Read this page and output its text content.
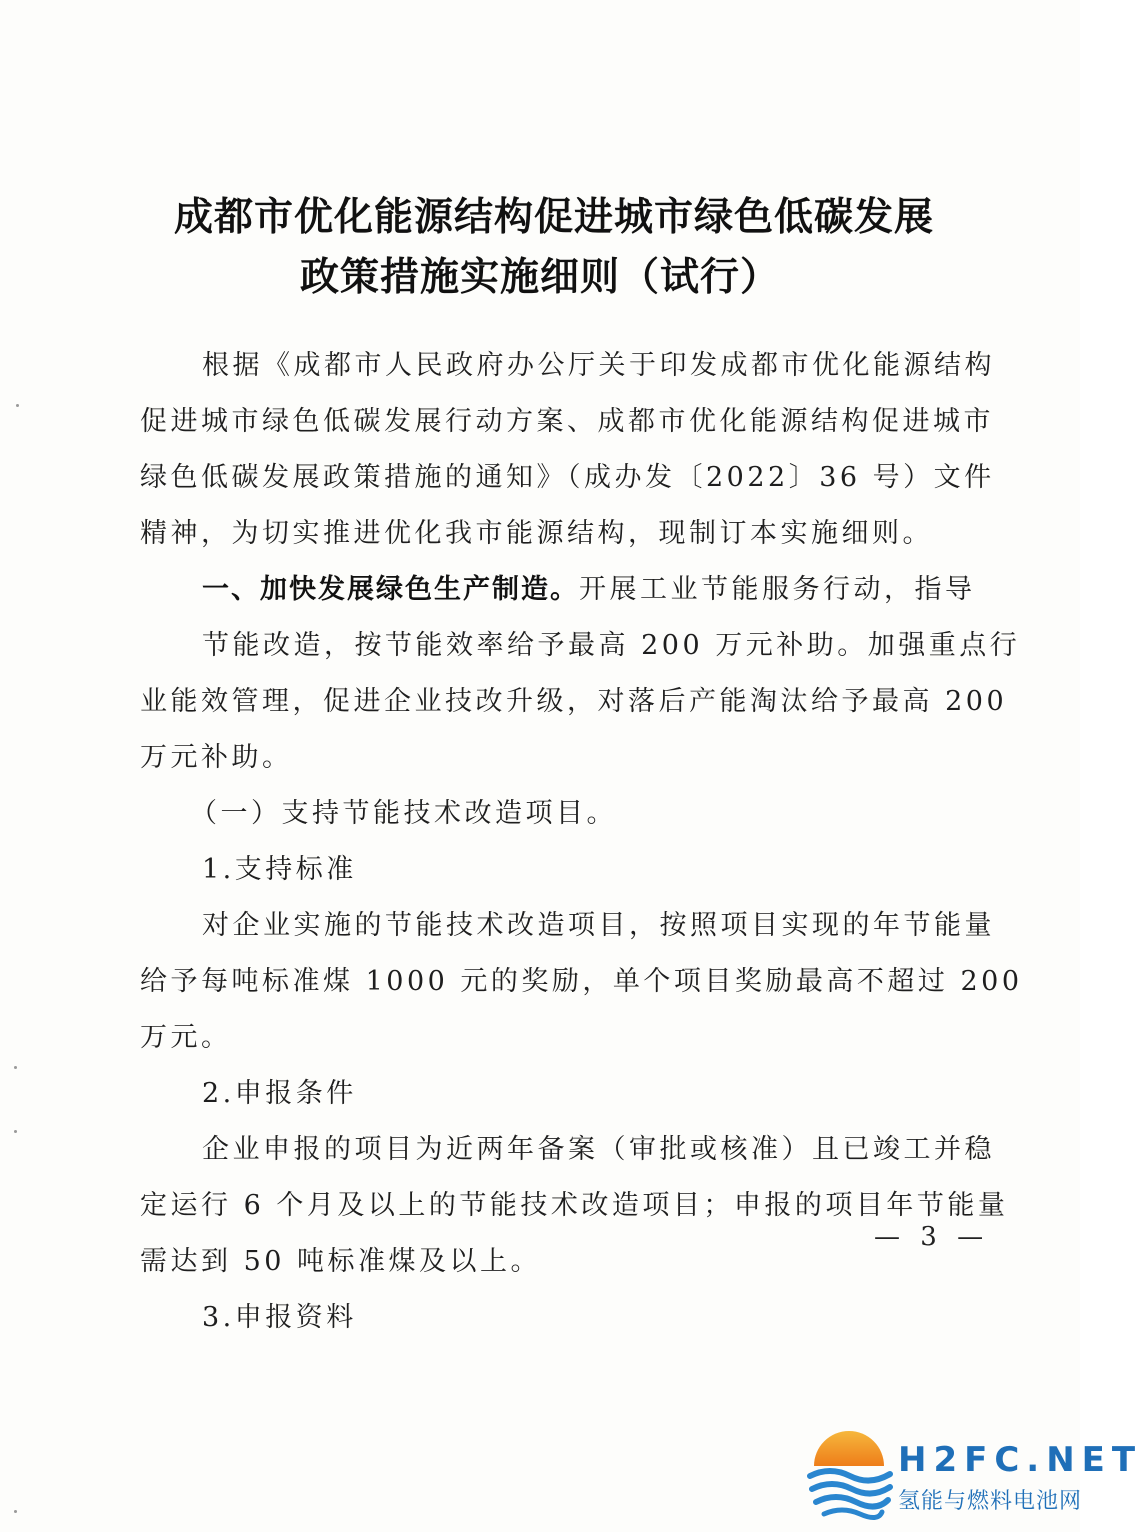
成都市优化能源结构促进城市绿色低碳发展
政策措施实施细则（试行）
根据《成都市人民政府办公厅关于印发成都市优化能源结构
促进城市绿色低碳发展行动方案、成都市优化能源结构促进城市
绿色低碳发展政策措施的通知》（成办发〔2022〕36 号）文件
精神，为切实推进优化我市能源结构，现制订本实施细则。
一、加快发展绿色生产制造。开展工业节能服务行动，指导
节能改造，按节能效率给予最高 200 万元补助。加强重点行
业能效管理，促进企业技改升级，对落后产能淘汰给予最高 200
万元补助。
（一）支持节能技术改造项目。
1.支持标准
对企业实施的节能技术改造项目，按照项目实现的年节能量
给予每吨标准煤 1000 元的奖励，单个项目奖励最高不超过 200
万元。
2.申报条件
企业申报的项目为近两年备案（审批或核准）且已竣工并稳
定运行 6 个月及以上的节能技术改造项目；申报的项目年节能量
需达到 50 吨标准煤及以上。
3.申报资料
— 3 —
H2FC.NET
氢能与燃料电池网
